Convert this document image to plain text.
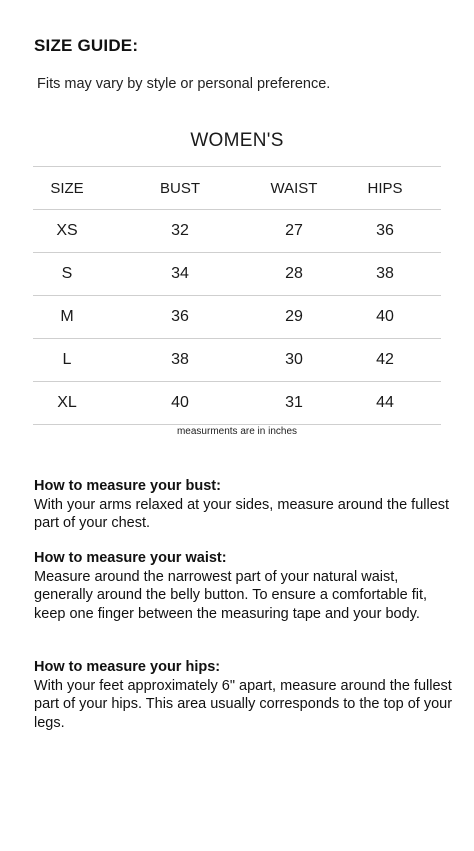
SIZE GUIDE:
Fits may vary by style or personal preference.
WOMEN'S
SIZE	BUST	WAIST	HIPS
XS	32	27	36
S	34	28	38
M	36	29	40
L	38	30	42
XL	40	31	44
measurments are in inches
How to measure your bust:
With your arms relaxed at your sides, measure around the fullest part of your chest.
How to measure your waist:
Measure around the narrowest part of your natural waist, generally around the belly button. To ensure a comfortable fit, keep one finger between the measuring tape and your body.
How to measure your hips:
With your feet approximately 6" apart, measure around the fullest part of your hips. This area usually corresponds to the top of your legs.
